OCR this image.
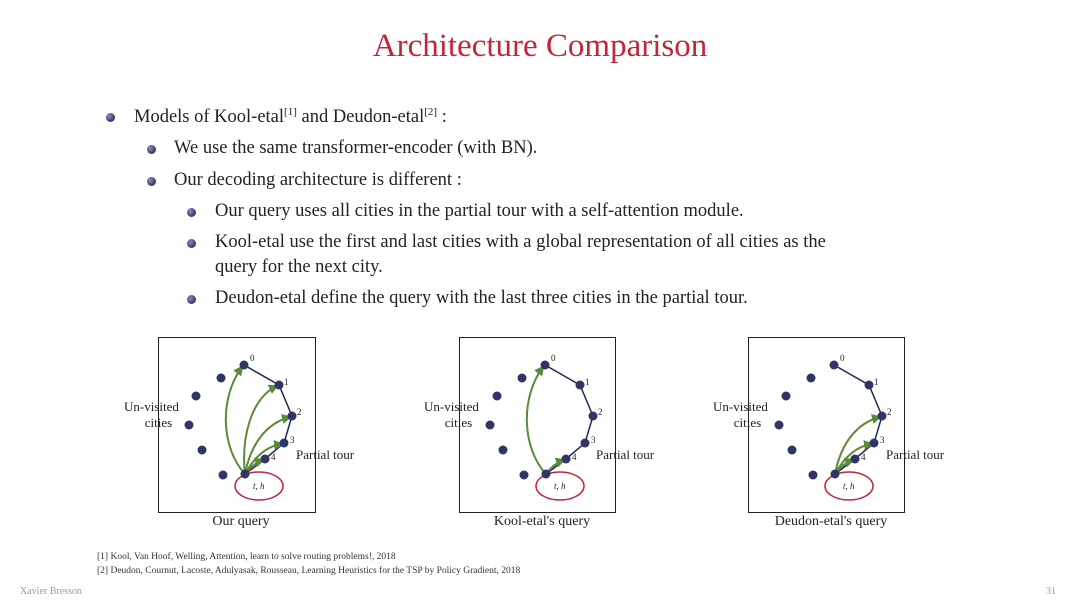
Architecture Comparison
Models of Kool-etal[1] and Deudon-etal[2] :
We use the same transformer-encoder (with BN).
Our decoding architecture is different :
Our query uses all cities in the partial tour with a self-attention module.
Kool-etal use the first and last cities with a global representation of all cities as the
query for the next city.
Deudon-etal define the query with the last three cities in the partial tour.
0
1
2
3
4
t, h
Un-visited
cities
Partial tour
Our query
0
1
2
3
4
t, h
Un-visited
cities
Partial tour
Kool-etal's query
0
1
2
3
4
t, h
Un-visited
cities
Partial tour
Deudon-etal's query
[1] Kool, Van Hoof, Welling, Attention, learn to solve routing problems!, 2018
[2] Deudon, Cournut, Lacoste, Adulyasak, Rousseau, Learning Heuristics for the TSP by Policy Gradient, 2018
Xavier Bresson	31
